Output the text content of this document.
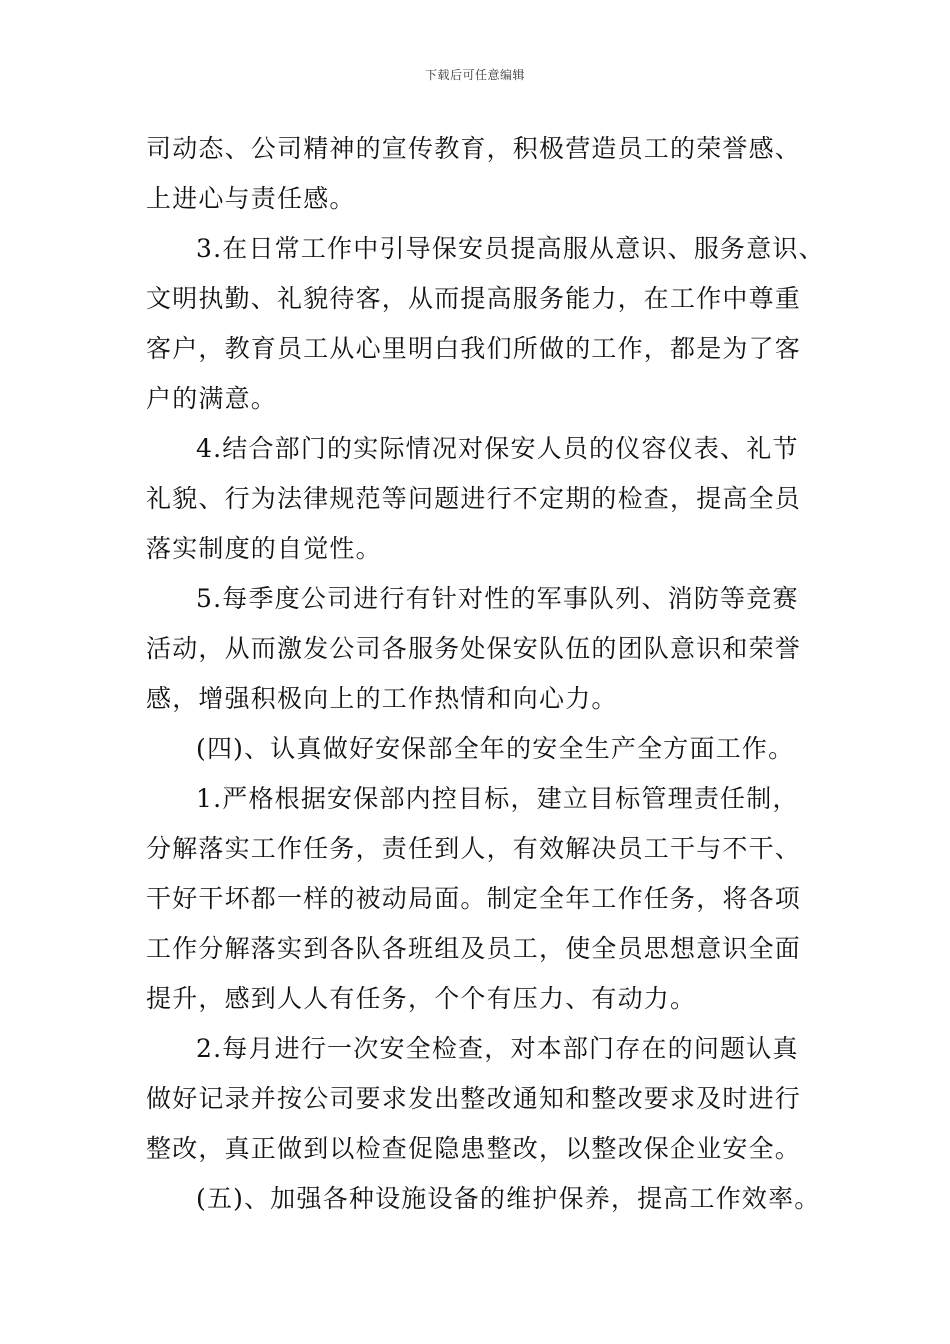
下载后可任意编辑
司动态、公司精神的宣传教育，积极营造员工的荣誉感、
上进心与责任感。
3.在日常工作中引导保安员提高服从意识、服务意识、
文明执勤、礼貌待客，从而提高服务能力，在工作中尊重
客户，教育员工从心里明白我们所做的工作，都是为了客
户的满意。
4.结合部门的实际情况对保安人员的仪容仪表、礼节
礼貌、行为法律规范等问题进行不定期的检查，提高全员
落实制度的自觉性。
5.每季度公司进行有针对性的军事队列、消防等竞赛
活动，从而激发公司各服务处保安队伍的团队意识和荣誉
感，增强积极向上的工作热情和向心力。
(四)、认真做好安保部全年的安全生产全方面工作。
1.严格根据安保部内控目标，建立目标管理责任制，
分解落实工作任务，责任到人，有效解决员工干与不干、
干好干坏都一样的被动局面。制定全年工作任务，将各项
工作分解落实到各队各班组及员工，使全员思想意识全面
提升，感到人人有任务，个个有压力、有动力。
2.每月进行一次安全检查，对本部门存在的问题认真
做好记录并按公司要求发出整改通知和整改要求及时进行
整改，真正做到以检查促隐患整改，以整改保企业安全。
(五)、加强各种设施设备的维护保养，提高工作效率。
